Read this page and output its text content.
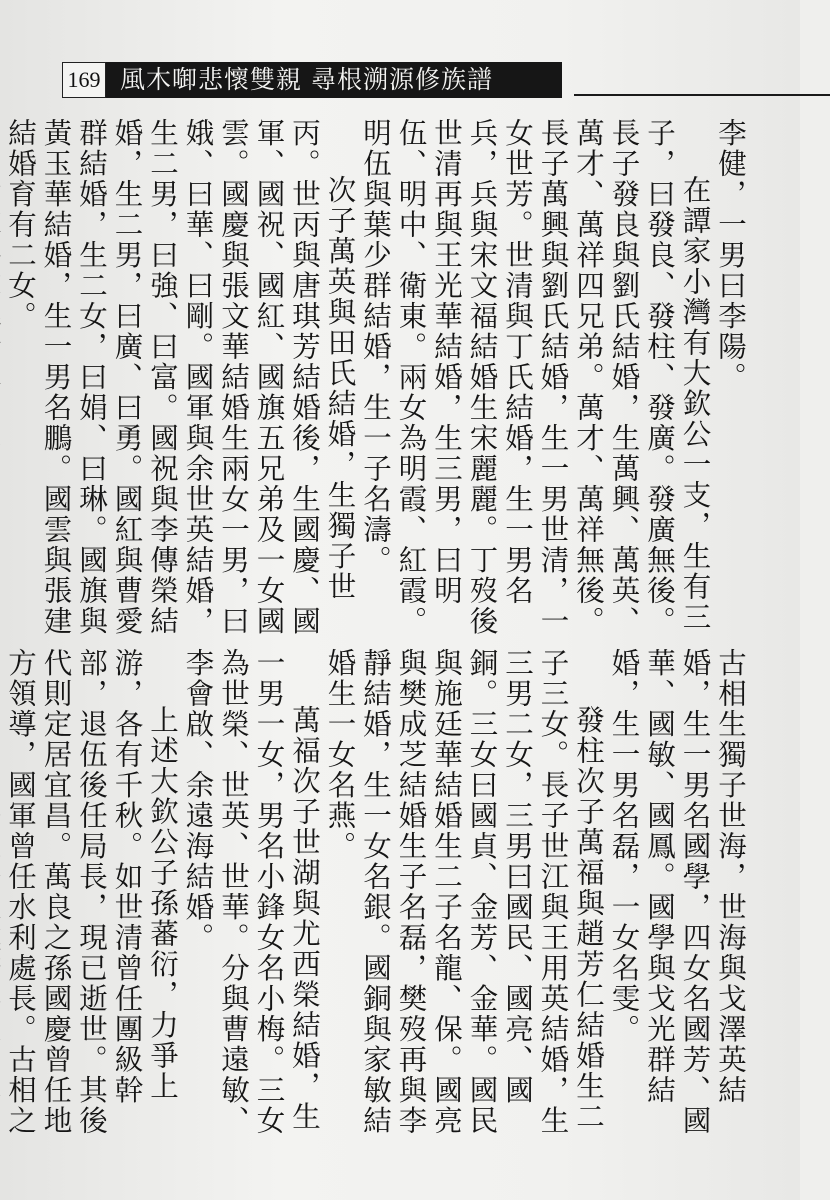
169 風木啣悲懷雙親 尋根溯源修族譜

李健，一男曰李陽。

在譚家小灣有大欽公一支，生有三子，曰發良、發柱、發廣。發廣無後。長子發良與劉氏結婚，生萬興、萬英、萬才、萬祥四兄弟。萬才、萬祥無後。長子萬興與劉氏結婚，生一男世清，一女世芳。世清與丁氏結婚，生一男名兵，兵與宋文福結婚生宋麗麗。丁歿後世清再與王光華結婚，生三男，曰明伍、明中、衛東。兩女為明霞、紅霞。明伍與葉少群結婚，生一子名濤。

次子萬英與田氏結婚，生獨子世丙。世丙與唐琪芳結婚後，生國慶、國軍、國祝、國紅、國旗五兄弟及一女國雲。國慶與張文華結婚生兩女一男，曰娥、曰華、曰剛。國軍與余世英結婚，生二男，曰強、曰富。國祝與李傳榮結婚，生二男，曰廣、曰勇。國紅與曹愛群結婚，生二女，曰娟、曰琳。國旗與黃玉華結婚，生一男名鵬。國雲與張建結婚育有二女。

古相生獨子世海，世海與戈澤英結婚，生一男名國學，四女名國芳、國華、國敏、國鳳。國學與戈光群結婚，生一男名磊，一女名雯。

發柱次子萬福與趙芳仁結婚生二子三女。長子世江與王用英結婚，生三男二女，三男曰國民、國亮、國銅。三女曰國貞、金芳、金華。國民與施廷華結婚生二子名龍、保。國亮與樊成芝結婚生子名磊，樊歿再與李靜結婚，生一女名銀。國銅與家敏結婚生一女名燕。

萬福次子世湖與尤西榮結婚，生一男一女，男名小鋒女名小梅。三女為世榮、世英、世華。分與曹遠敏、李會啟、余遠海結婚。

上述大欽公子孫蕃衍，力爭上游，各有千秋。如世清曾任團級幹部，退伍後任局長，現已逝世。其後代則定居宜昌。萬良之孫國慶曾任地方領導，國軍曾任水利處長。古相之
